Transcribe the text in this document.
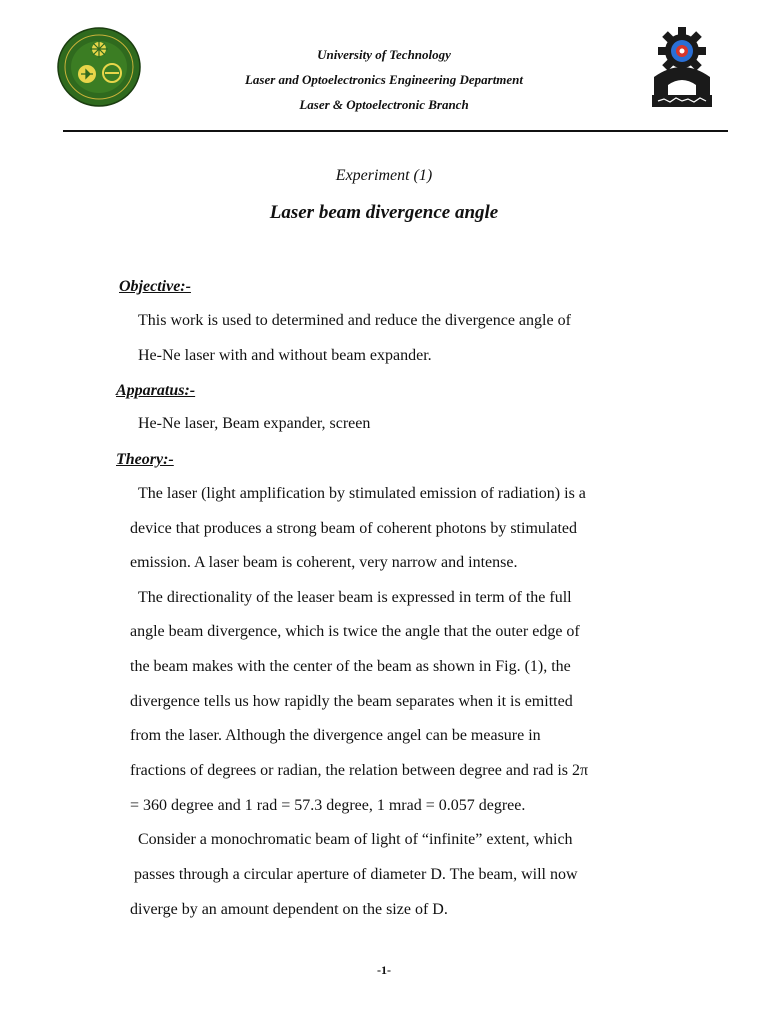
University of Technology
Laser and Optoelectronics Engineering Department
Laser & Optoelectronic Branch
Experiment (1)
Laser beam divergence angle
Objective:-
This work is used to determined and reduce the divergence angle of
He-Ne laser with and without beam expander.
Apparatus:-
He-Ne laser, Beam expander, screen
Theory:-
The laser (light amplification by stimulated emission of radiation) is a
device that produces a strong beam of coherent photons by stimulated
emission. A laser beam is coherent, very narrow and intense.
The directionality of the leaser beam is expressed in term of the full
angle beam divergence, which is twice the angle that the outer edge of
the beam makes with the center of the beam as shown in Fig. (1), the
divergence tells us how rapidly the beam separates when it is emitted
from the laser. Although the divergence angel can be measure in
fractions of degrees or radian, the relation between degree and rad is 2π
= 360 degree and 1 rad = 57.3 degree, 1 mrad = 0.057 degree.
Consider a monochromatic beam of light of “infinite” extent, which
passes through a circular aperture of diameter D. The beam, will now
diverge by an amount dependent on the size of D.
-1-
